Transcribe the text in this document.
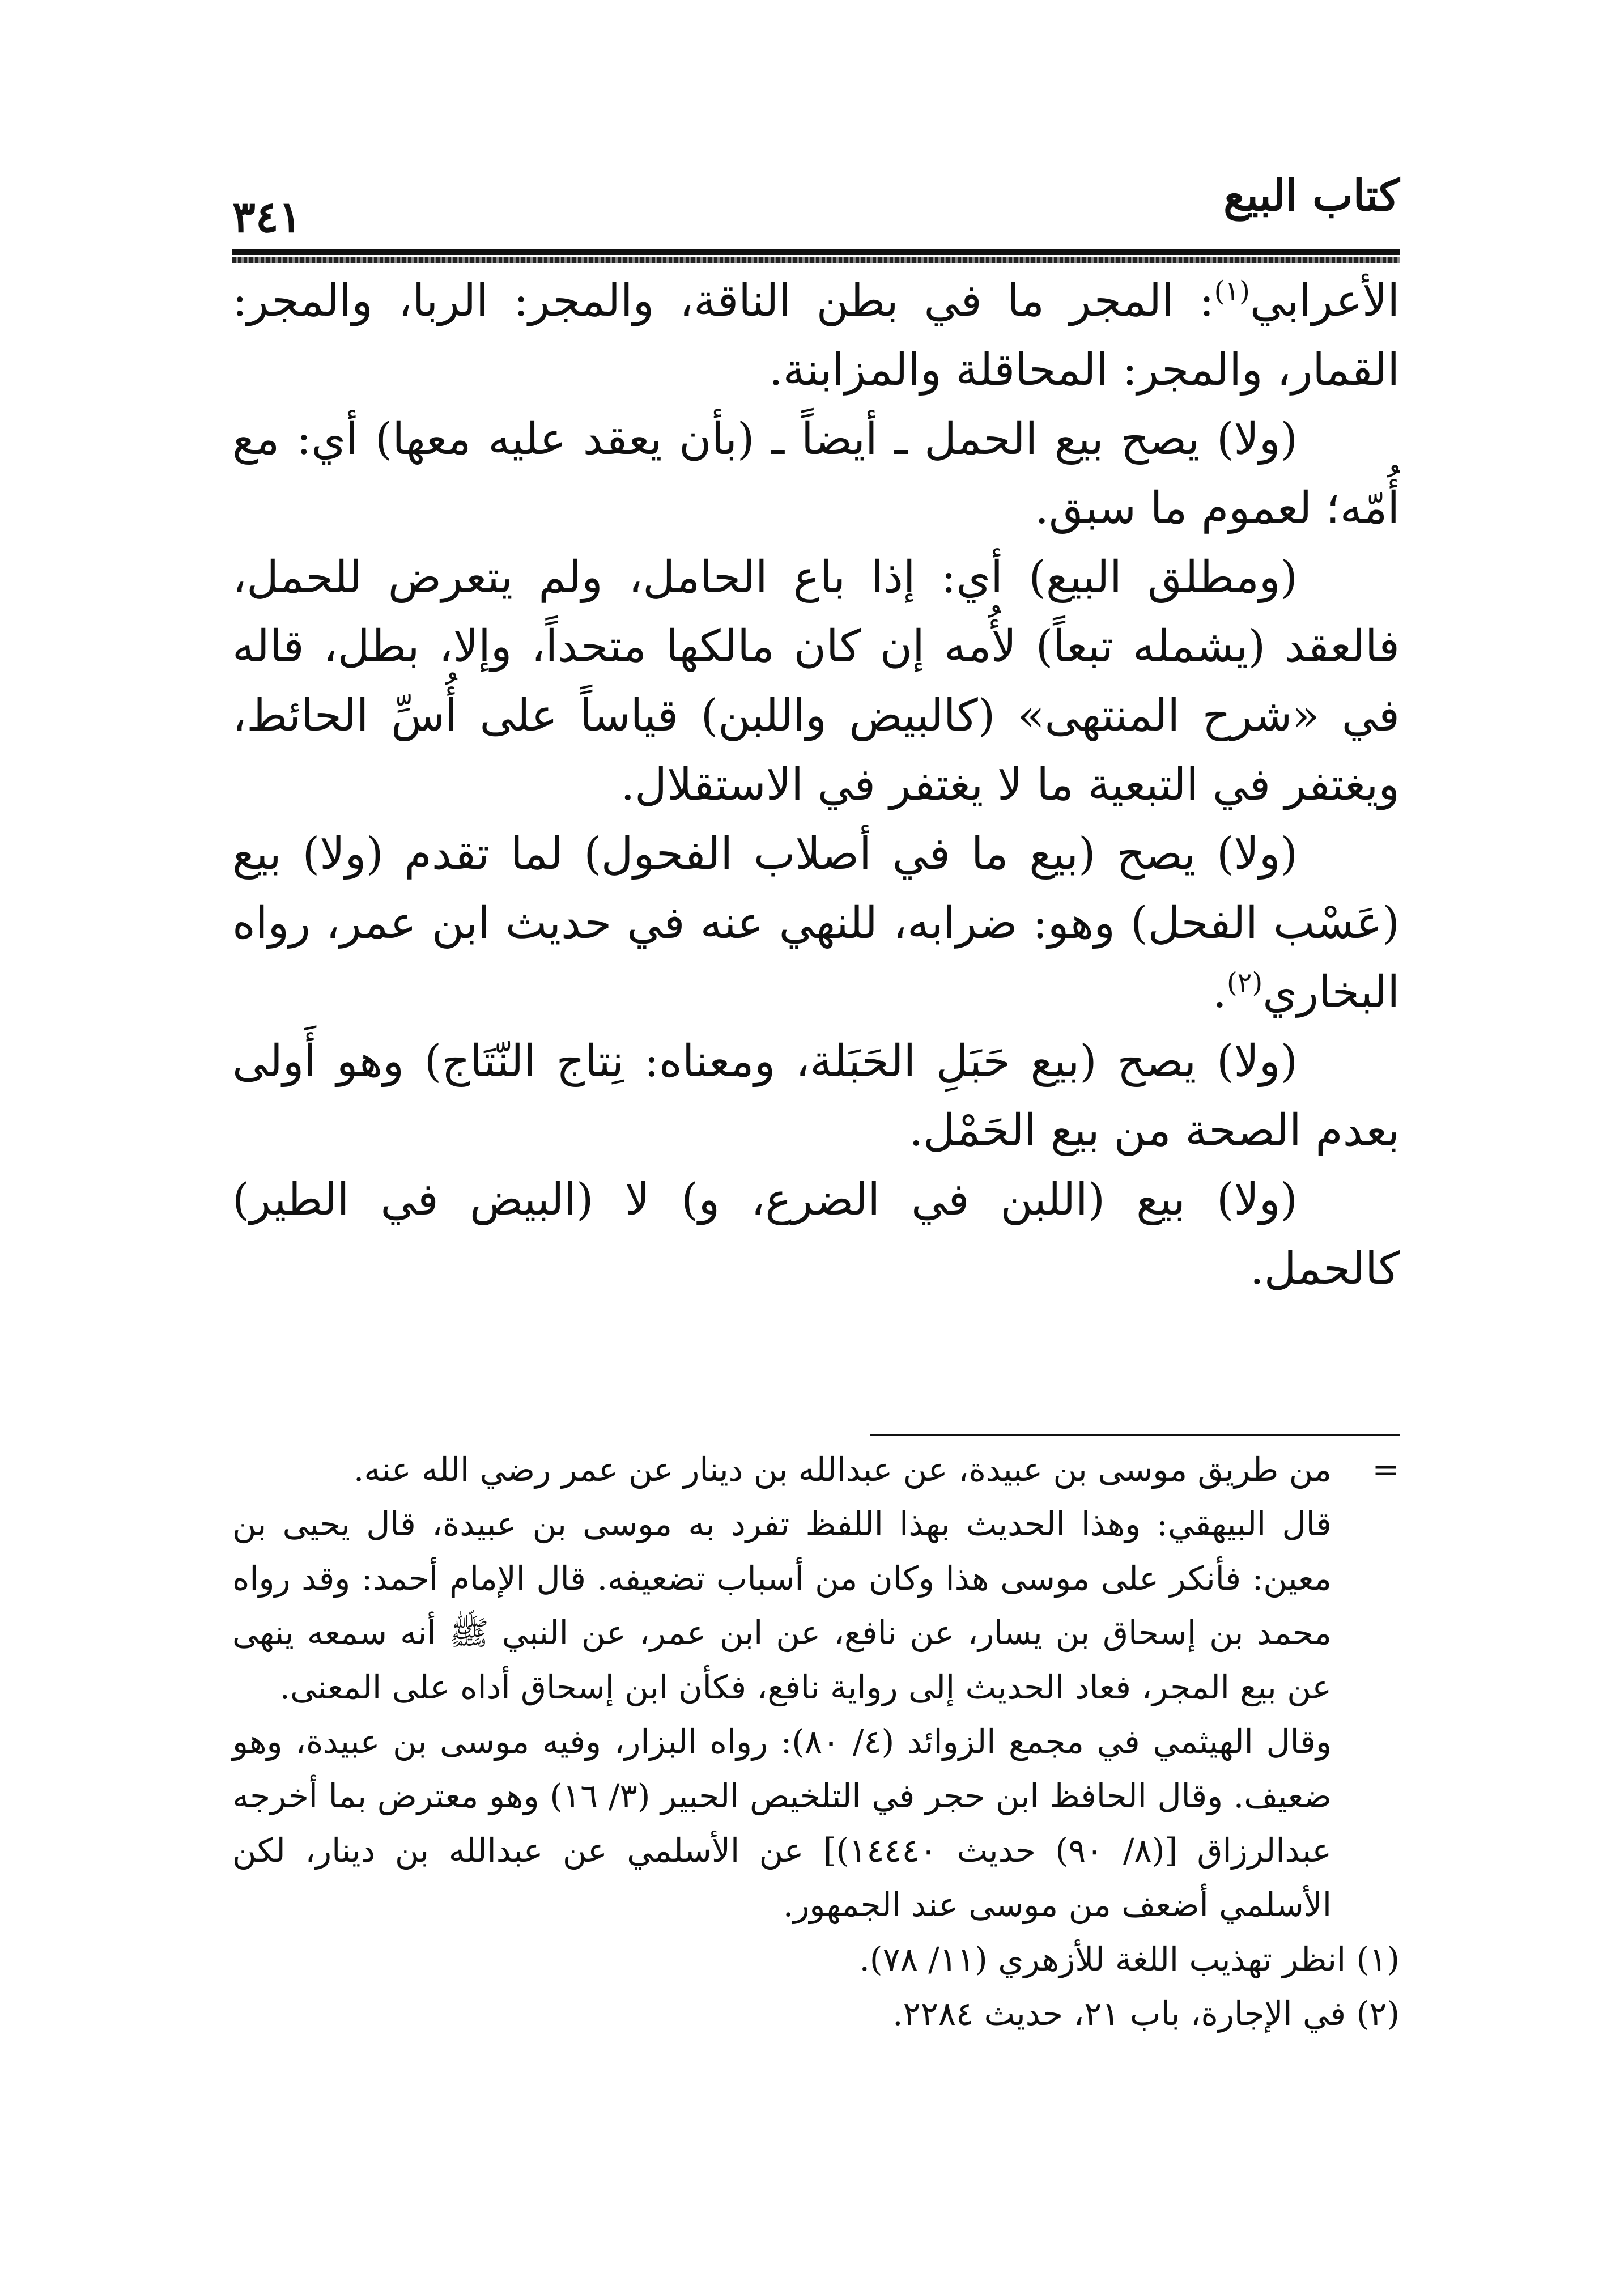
٣٤١	كتاب البيع

الأعرابي$^{(١)}$: المجر ما في بطن الناقة، والمجر: الربا، والمجر: القمار، والمجر: المحاقلة والمزابنة.

(ولا) يصح بيع الحمل ـ أيضاً ـ (بأن يعقد عليه معها) أي: مع أُمّه؛ لعموم ما سبق.

(ومطلق البيع) أي: إذا باع الحامل، ولم يتعرض للحمل، فالعقد (يشمله تبعاً) لأُمه إن كان مالكها متحداً، وإلا، بطل، قاله في «شرح المنتهى» (كالبيض واللبن) قياساً على أُسِّ الحائط، ويغتفر في التبعية ما لا يغتفر في الاستقلال.

(ولا) يصح (بيع ما في أصلاب الفحول) لما تقدم (ولا) بيع (عَسْب الفحل) وهو: ضرابه، للنهي عنه في حديث ابن عمر، رواه البخاري$^{(٢)}$.

(ولا) يصح (بيع حَبَلِ الحَبَلة، ومعناه: نِتاج النّتَاج) وهو أَولى بعدم الصحة من بيع الحَمْل.

(ولا) بيع (اللبن في الضرع، و) لا (البيض في الطير) كالحمل.

=

من طريق موسى بن عبيدة، عن عبدالله بن دينار عن عمر رضي الله عنه.

قال البيهقي: وهذا الحديث بهذا اللفظ تفرد به موسى بن عبيدة، قال يحيى بن معين: فأنكر على موسى هذا وكان من أسباب تضعيفه. قال الإمام أحمد: وقد رواه محمد بن إسحاق بن يسار، عن نافع، عن ابن عمر، عن النبي ﷺ أنه سمعه ينهى عن بيع المجر، فعاد الحديث إلى رواية نافع، فكأن ابن إسحاق أداه على المعنى.

وقال الهيثمي في مجمع الزوائد (٤/ ٨٠): رواه البزار، وفيه موسى بن عبيدة، وهو ضعيف. وقال الحافظ ابن حجر في التلخيص الحبير (٣/ ١٦) وهو معترض بما أخرجه عبدالرزاق [(٨/ ٩٠) حديث ١٤٤٤٠)] عن الأسلمي عن عبدالله بن دينار، لكن الأسلمي أضعف من موسى عند الجمهور.

(١) انظر تهذيب اللغة للأزهري (١١/ ٧٨).

(٢) في الإجارة، باب ٢١، حديث ٢٢٨٤.
